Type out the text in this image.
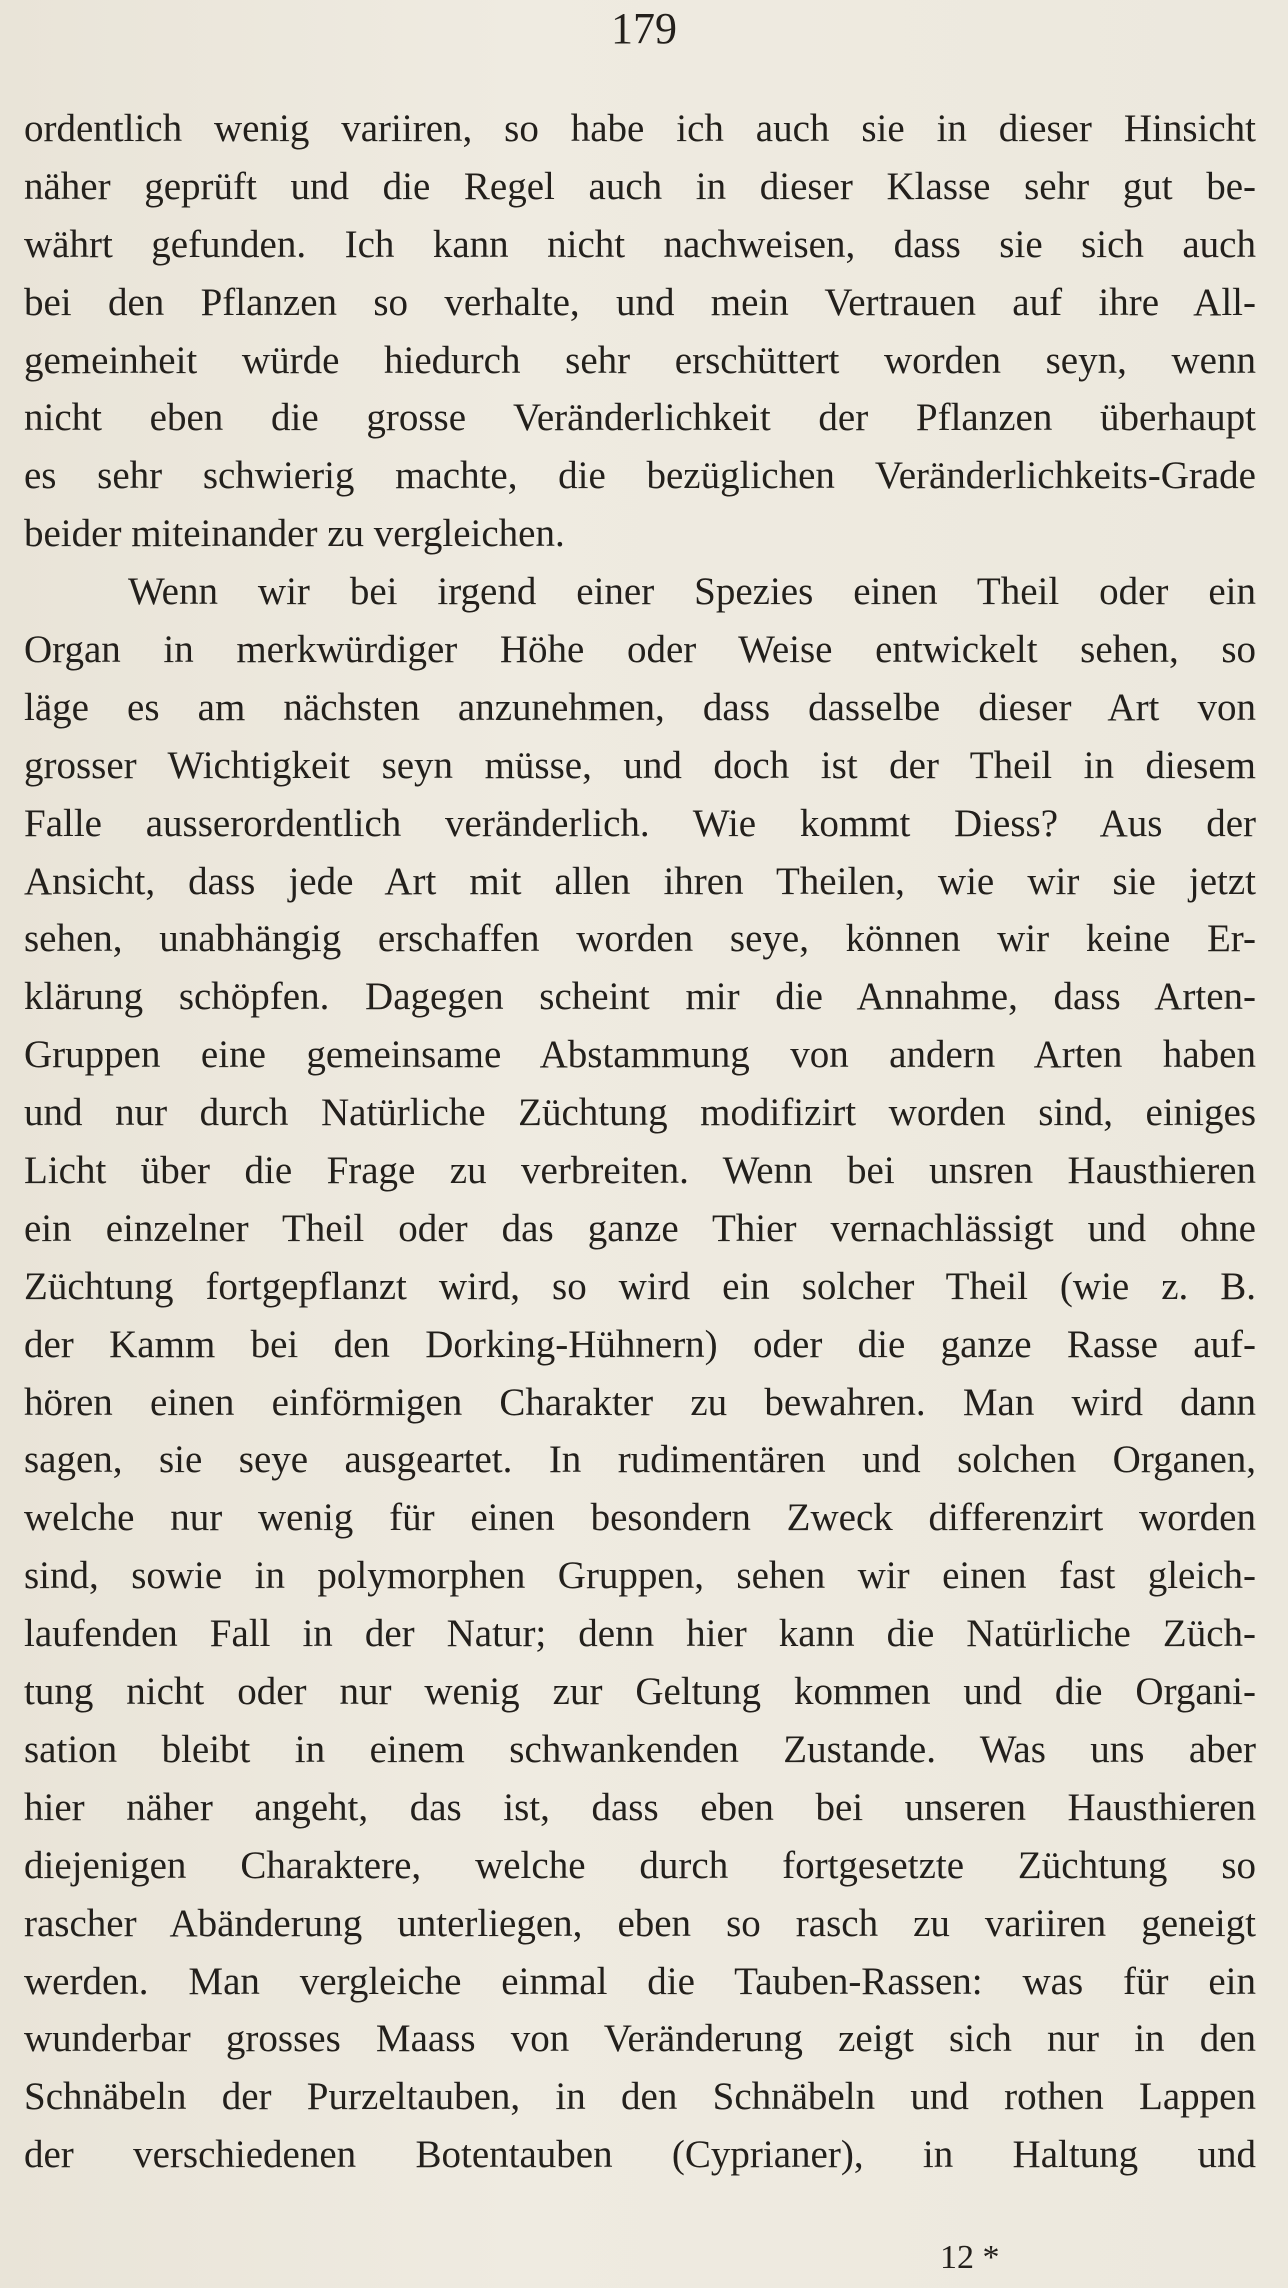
179
ordentlich wenig variiren, so habe ich auch sie in dieser Hinsicht
näher geprüft und die Regel auch in dieser Klasse sehr gut be-
währt gefunden. Ich kann nicht nachweisen, dass sie sich auch
bei den Pflanzen so verhalte, und mein Vertrauen auf ihre All-
gemeinheit würde hiedurch sehr erschüttert worden seyn, wenn
nicht eben die grosse Veränderlichkeit der Pflanzen überhaupt
es sehr schwierig machte, die bezüglichen Veränderlichkeits-Grade
beider miteinander zu vergleichen.
Wenn wir bei irgend einer Spezies einen Theil oder ein
Organ in merkwürdiger Höhe oder Weise entwickelt sehen, so
läge es am nächsten anzunehmen, dass dasselbe dieser Art von
grosser Wichtigkeit seyn müsse, und doch ist der Theil in diesem
Falle ausserordentlich veränderlich. Wie kommt Diess? Aus der
Ansicht, dass jede Art mit allen ihren Theilen, wie wir sie jetzt
sehen, unabhängig erschaffen worden seye, können wir keine Er-
klärung schöpfen. Dagegen scheint mir die Annahme, dass Arten-
Gruppen eine gemeinsame Abstammung von andern Arten haben
und nur durch Natürliche Züchtung modifizirt worden sind, einiges
Licht über die Frage zu verbreiten. Wenn bei unsren Hausthieren
ein einzelner Theil oder das ganze Thier vernachlässigt und ohne
Züchtung fortgepflanzt wird, so wird ein solcher Theil (wie z. B.
der Kamm bei den Dorking-Hühnern) oder die ganze Rasse auf-
hören einen einförmigen Charakter zu bewahren. Man wird dann
sagen, sie seye ausgeartet. In rudimentären und solchen Organen,
welche nur wenig für einen besondern Zweck differenzirt worden
sind, sowie in polymorphen Gruppen, sehen wir einen fast gleich-
laufenden Fall in der Natur; denn hier kann die Natürliche Züch-
tung nicht oder nur wenig zur Geltung kommen und die Organi-
sation bleibt in einem schwankenden Zustande. Was uns aber
hier näher angeht, das ist, dass eben bei unseren Hausthieren
diejenigen Charaktere, welche durch fortgesetzte Züchtung so
rascher Abänderung unterliegen, eben so rasch zu variiren geneigt
werden. Man vergleiche einmal die Tauben-Rassen: was für ein
wunderbar grosses Maass von Veränderung zeigt sich nur in den
Schnäbeln der Purzeltauben, in den Schnäbeln und rothen Lappen
der verschiedenen Botentauben (Cyprianer), in Haltung und
12 *
